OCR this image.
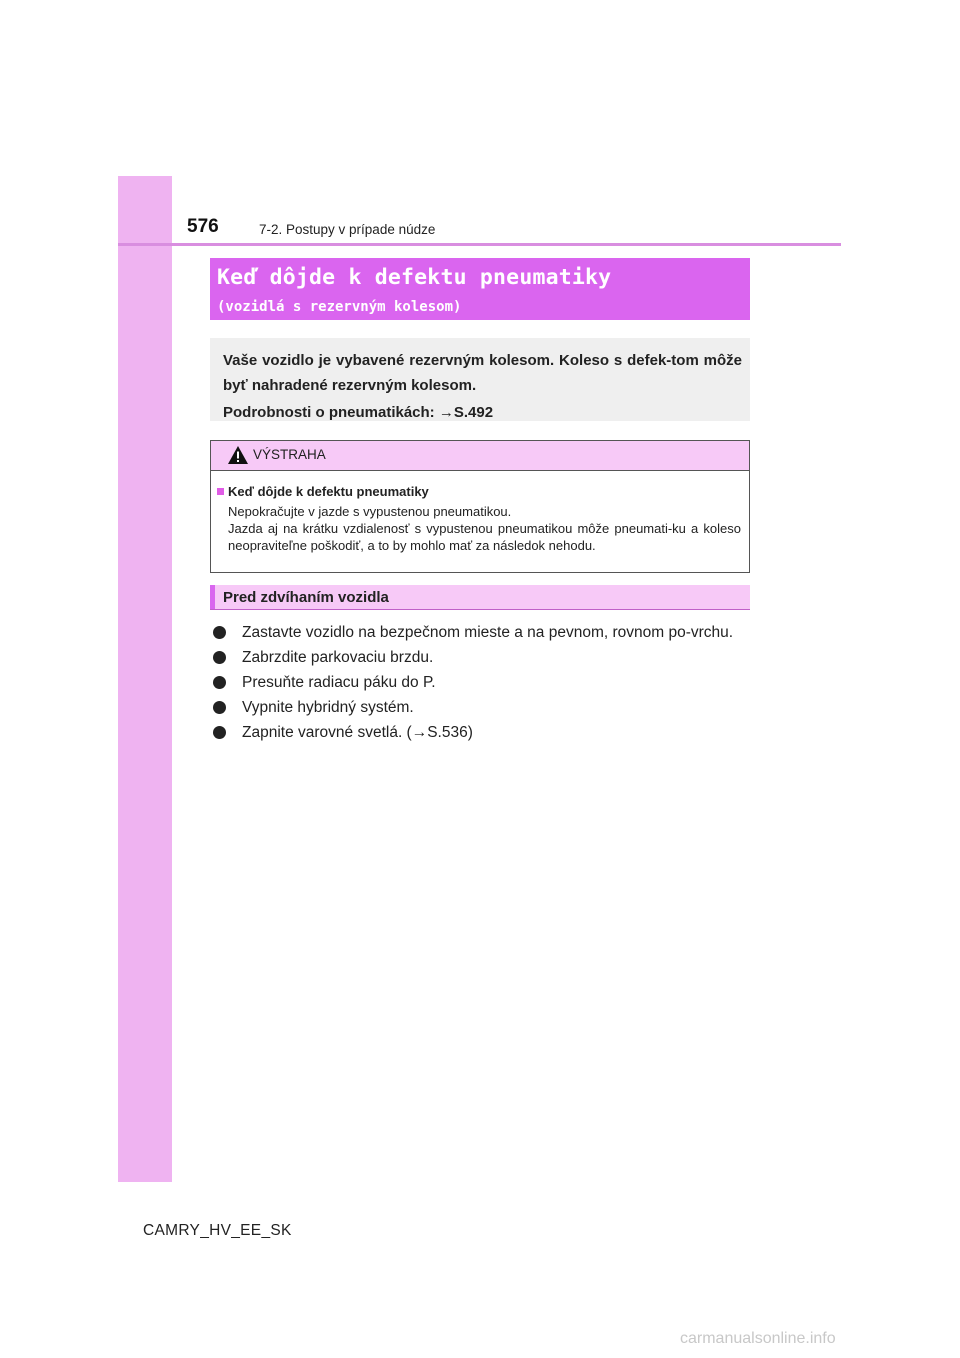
576	7-2. Postupy v prípade núdze
Keď dôjde k defektu pneumatiky
(vozidlá s rezervným kolesom)
Vaše vozidlo je vybavené rezervným kolesom. Koleso s defek-tom môže byť nahradené rezervným kolesom.
Podrobnosti o pneumatikách: →S.492
VÝSTRAHA
Keď dôjde k defektu pneumatiky
Nepokračujte v jazde s vypustenou pneumatikou.
Jazda aj na krátku vzdialenosť s vypustenou pneumatikou môže pneumati-ku a koleso neopraviteľne poškodiť, a to by mohlo mať za následok nehodu.
Pred zdvíhaním vozidla
Zastavte vozidlo na bezpečnom mieste a na pevnom, rovnom po-vrchu.
Zabrzdite parkovaciu brzdu.
Presuňte radiacu páku do P.
Vypnite hybridný systém.
Zapnite varovné svetlá. (→S.536)
CAMRY_HV_EE_SK
carmanualsonline.info
